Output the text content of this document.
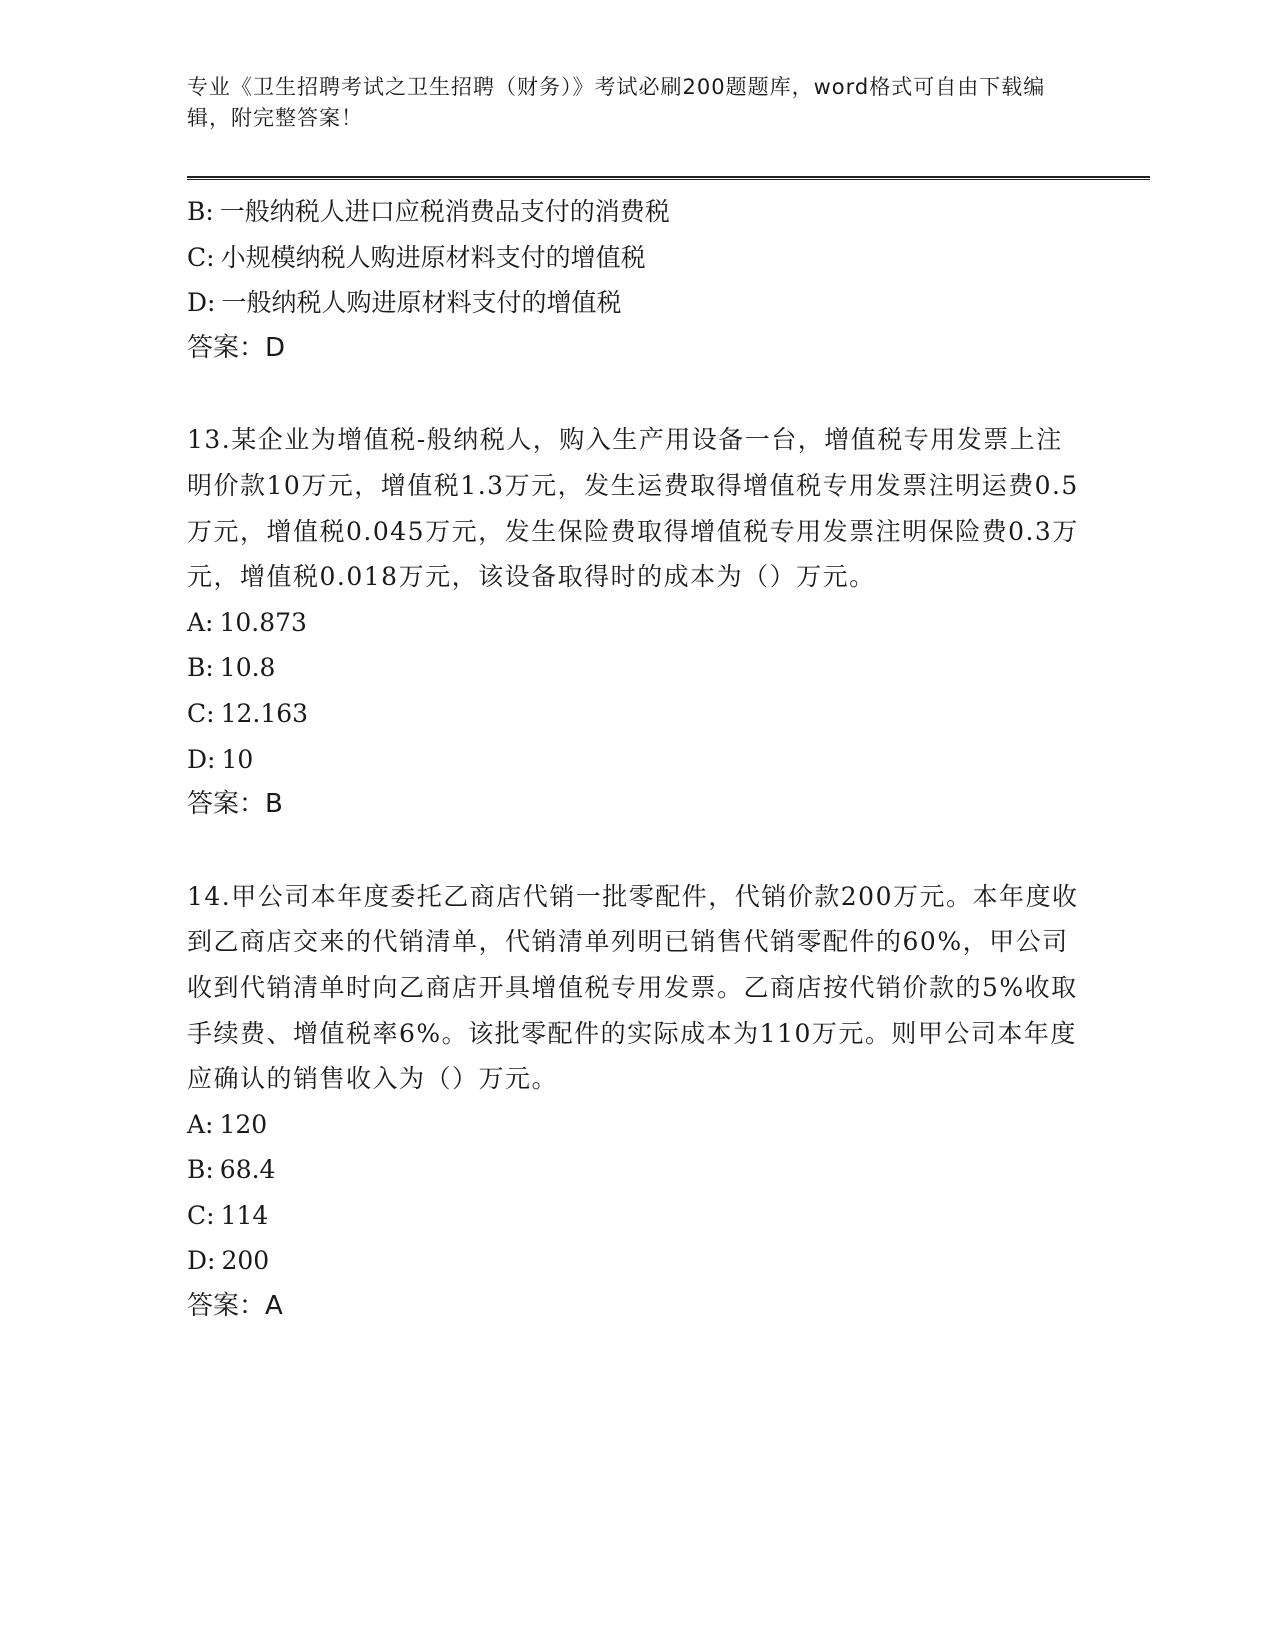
专业《卫生招聘考试之卫生招聘（财务）》考试必刷200题题库，word格式可自由下载编辑，附完整答案！
B: 一般纳税人进口应税消费品支付的消费税
C: 小规模纳税人购进原材料支付的增值税
D: 一般纳税人购进原材料支付的增值税
答案：D
13.某企业为增值税-般纳税人，购入生产用设备一台，增值税专用发票上注明价款10万元，增值税1.3万元，发生运费取得增值税专用发票注明运费0.5万元，增值税0.045万元，发生保险费取得增值税专用发票注明保险费0.3万元，增值税0.018万元，该设备取得时的成本为（）万元。
A: 10.873
B: 10.8
C: 12.163
D: 10
答案：B
14.甲公司本年度委托乙商店代销一批零配件，代销价款200万元。本年度收到乙商店交来的代销清单，代销清单列明已销售代销零配件的60%，甲公司收到代销清单时向乙商店开具增值税专用发票。乙商店按代销价款的5%收取手续费、增值税率6%。该批零配件的实际成本为110万元。则甲公司本年度应确认的销售收入为（）万元。
A: 120
B: 68.4
C: 114
D: 200
答案：A
